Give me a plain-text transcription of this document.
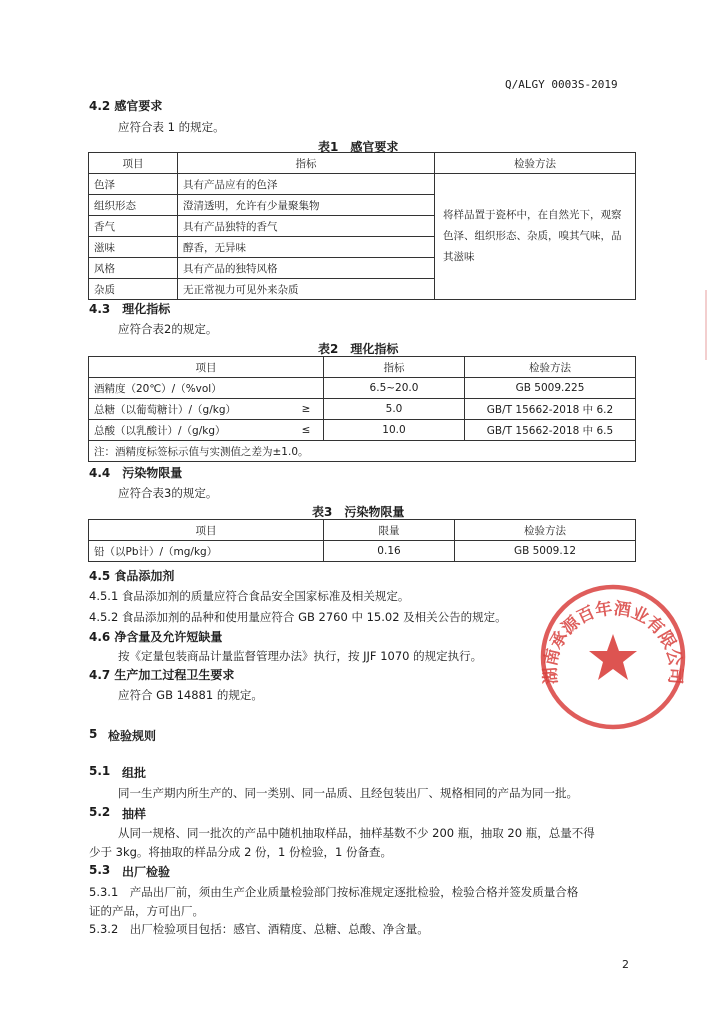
Q/ALGY 0003S-2019
4.2 感官要求
应符合表 1 的规定。
表1　感官要求
项目	指标	检验方法
色泽	具有产品应有的色泽	将样品置于瓷杯中，在自然光下，观察色泽、组织形态、杂质，嗅其气味，品其滋味
组织形态	澄清透明，允许有少量聚集物	
香气	具有产品独特的香气	
滋味	醇香，无异味	
风格	具有产品的独特风格	
杂质	无正常视力可见外来杂质	
4.3　理化指标
应符合表2的规定。
表2　理化指标
项目		指标	检验方法
酒精度（20℃）/（%vol）		6.5~20.0	GB 5009.225
总糖（以葡萄糖计）/（g/kg）	≥	5.0	GB/T 15662-2018 中 6.2
总酸（以乳酸计）/（g/kg）	≤	10.0	GB/T 15662-2018 中 6.5
注：酒精度标签标示值与实测值之差为±1.0。			
4.4　污染物限量
应符合表3的规定。
表3　污染物限量
项目	限量	检验方法
铅（以Pb计）/（mg/kg）	0.16	GB 5009.12
4.5 食品添加剂
4.5.1 食品添加剂的质量应符合食品安全国家标准及相关规定。
4.5.2 食品添加剂的品种和使用量应符合 GB 2760 中 15.02 及相关公告的规定。
4.6 净含量及允许短缺量
按《定量包装商品计量监督管理办法》执行，按 JJF 1070 的规定执行。
4.7 生产加工过程卫生要求
应符合 GB 14881 的规定。
5 检验规则
5.1 组批
同一生产期内所生产的、同一类别、同一品质、且经包装出厂、规格相同的产品为同一批。
5.2 抽样
从同一规格、同一批次的产品中随机抽取样品，抽样基数不少 200 瓶，抽取 20 瓶，总量不得
少于 3kg。将抽取的样品分成 2 份，1 份检验，1 份备查。
5.3 出厂检验
5.3.1　产品出厂前，须由生产企业质量检验部门按标准规定逐批检验，检验合格并签发质量合格
证的产品，方可出厂。
5.3.2　出厂检验项目包括：感官、酒精度、总糖、总酸、净含量。
2
湖南承源百年酒业有限公司
